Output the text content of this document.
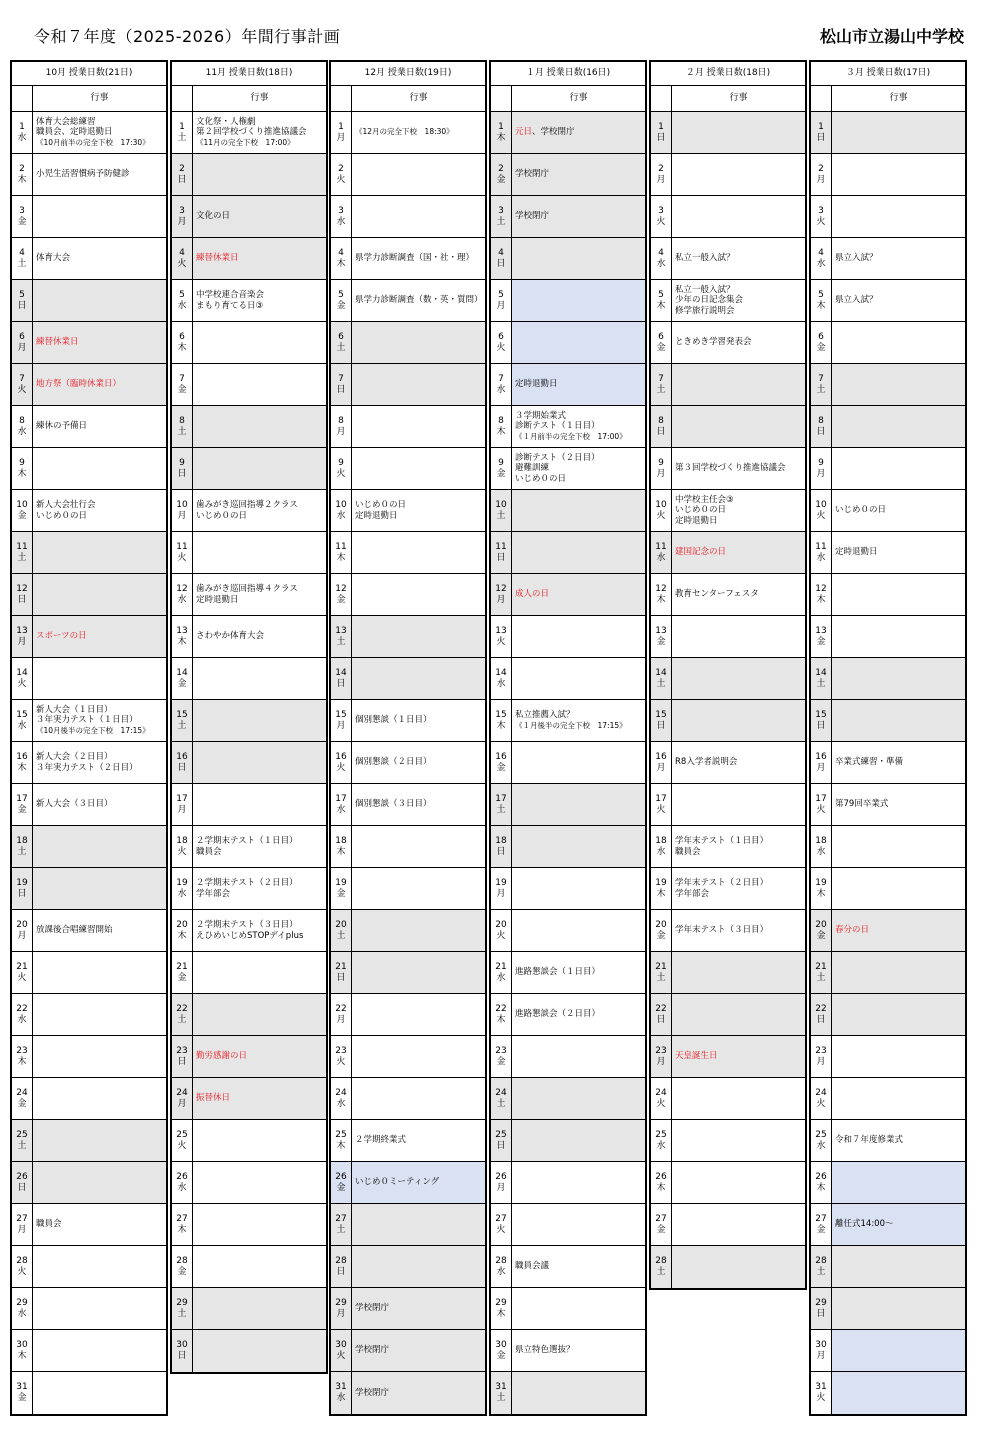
令和７年度（2025-2026）年間行事計画	松山市立湯山中学校
10月 授業日数(21日)
行事
1
水
体育大会総練習
職員会、定時退勤日
《10月前半の完全下校　17:30》
2
木
小児生活習慣病予防健診
3
金
4
土
体育大会
5
日
6
月
練替休業日
7
火
地方祭（臨時休業日）
8
水
練休の予備日
9
木
10
金
新人大会壮行会
いじめ０の日
11
土
12
日
13
月
スポーツの日
14
火
15
水
新人大会（１日目）
３年実力テスト（１日目）
《10月後半の完全下校　17:15》
16
木
新人大会（２日目）
３年実力テスト（２日目）
17
金
新人大会（３日目）
18
土
19
日
20
月
放課後合唱練習開始
21
火
22
水
23
木
24
金
25
土
26
日
27
月
職員会
28
火
29
水
30
木
31
金
11月 授業日数(18日)
行事
1
土
文化祭・人権劇
第２回学校づくり推進協議会
《11月の完全下校　17:00》
2
日
3
月
文化の日
4
火
練替休業日
5
水
中学校連合音楽会
まもり育てる日③
6
木
7
金
8
土
9
日
10
月
歯みがき巡回指導２クラス
いじめ０の日
11
火
12
水
歯みがき巡回指導４クラス
定時退勤日
13
木
さわやか体育大会
14
金
15
土
16
日
17
月
18
火
２学期末テスト（１日目）
職員会
19
水
２学期末テスト（２日目）
学年部会
20
木
２学期末テスト（３日目）
えひめいじめSTOPデイplus
21
金
22
土
23
日
勤労感謝の日
24
月
振替休日
25
火
26
水
27
木
28
金
29
土
30
日
12月 授業日数(19日)
行事
1
月
《12月の完全下校　18:30》
2
火
3
水
4
木
県学力診断調査（国・社・理）
5
金
県学力診断調査（数・英・質問）
6
土
7
日
8
月
9
火
10
水
いじめ０の日
定時退勤日
11
木
12
金
13
土
14
日
15
月
個別懇談（１日目）
16
火
個別懇談（２日目）
17
水
個別懇談（３日目）
18
木
19
金
20
土
21
日
22
月
23
火
24
水
25
木
２学期終業式
26
金
いじめ０ミーティング
27
土
28
日
29
月
学校閉庁
30
火
学校閉庁
31
水
学校閉庁
１月 授業日数(16日)
行事
1
木
元日、学校閉庁
2
金
学校閉庁
3
土
学校閉庁
4
日
5
月
6
火
7
水
定時退勤日
8
木
３学期始業式
診断テスト（１日目）
《１月前半の完全下校　17:00》
9
金
診断テスト（２日目）
避難訓練
いじめ０の日
10
土
11
日
12
月
成人の日
13
火
14
水
15
木
私立推薦入試？
《１月後半の完全下校　17:15》
16
金
17
土
18
日
19
月
20
火
21
水
進路懇談会（１日目）
22
木
進路懇談会（２日目）
23
金
24
土
25
日
26
月
27
火
28
水
職員会議
29
木
30
金
県立特色選抜？
31
土
２月 授業日数(18日)
行事
1
日
2
月
3
火
4
水
私立一般入試？
5
木
私立一般入試？
少年の日記念集会
修学旅行説明会
6
金
ときめき学習発表会
7
土
8
日
9
月
第３回学校づくり推進協議会
10
火
中学校主任会③
いじめ０の日
定時退勤日
11
水
建国記念の日
12
木
教育センターフェスタ
13
金
14
土
15
日
16
月
R8入学者説明会
17
火
18
水
学年末テスト（１日目）
職員会
19
木
学年末テスト（２日目）
学年部会
20
金
学年末テスト（３日目）
21
土
22
日
23
月
天皇誕生日
24
火
25
水
26
木
27
金
28
土
３月 授業日数(17日)
行事
1
日
2
月
3
火
4
水
県立入試？
5
木
県立入試？
6
金
7
土
8
日
9
月
10
火
いじめ０の日
11
水
定時退勤日
12
木
13
金
14
土
15
日
16
月
卒業式練習・準備
17
火
第79回卒業式
18
水
19
木
20
金
春分の日
21
土
22
日
23
月
24
火
25
水
令和７年度修業式
26
木
27
金
離任式14:00～
28
土
29
日
30
月
31
火
